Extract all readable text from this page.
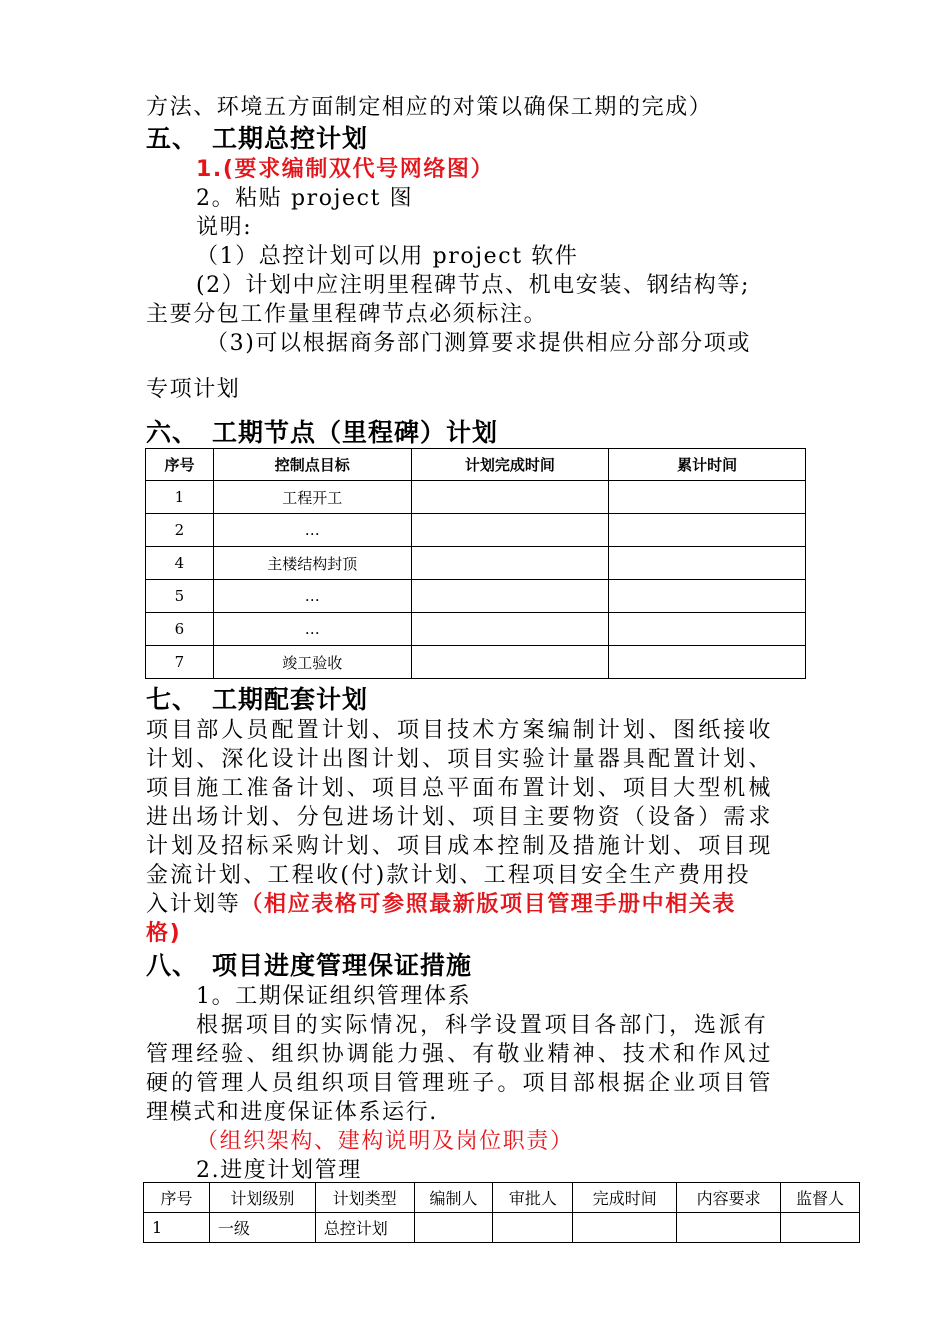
方法、环境五方面制定相应的对策以确保工期的完成）
五、 工期总控计划
1.(要求编制双代号网络图）
2。粘贴 project 图
说明:
（1）总控计划可以用 project 软件
(2）计划中应注明里程碑节点、机电安装、钢结构等;
主要分包工作量里程碑节点必须标注。
（3)可以根据商务部门测算要求提供相应分部分项或
专项计划
六、 工期节点（里程碑）计划
序号	控制点目标	计划完成时间	累计时间
1	工程开工		
2	…		
4	主楼结构封顶		
5	…		
6	…		
7	竣工验收		
七、 工期配套计划
项目部人员配置计划、项目技术方案编制计划、图纸接收
计划、深化设计出图计划、项目实验计量器具配置计划、
项目施工准备计划、项目总平面布置计划、项目大型机械
进出场计划、分包进场计划、项目主要物资（设备）需求
计划及招标采购计划、项目成本控制及措施计划、项目现
金流计划、工程收(付)款计划、工程项目安全生产费用投
入计划等（相应表格可参照最新版项目管理手册中相关表
格)
八、 项目进度管理保证措施
1。工期保证组织管理体系
根据项目的实际情况，科学设置项目各部门，选派有
管理经验、组织协调能力强、有敬业精神、技术和作风过
硬的管理人员组织项目管理班子。项目部根据企业项目管
理模式和进度保证体系运行.
（组织架构、建构说明及岗位职责）
2.进度计划管理
序号	计划级别	计划类型	编制人	审批人	完成时间	内容要求	监督人
1	一级	总控计划					
